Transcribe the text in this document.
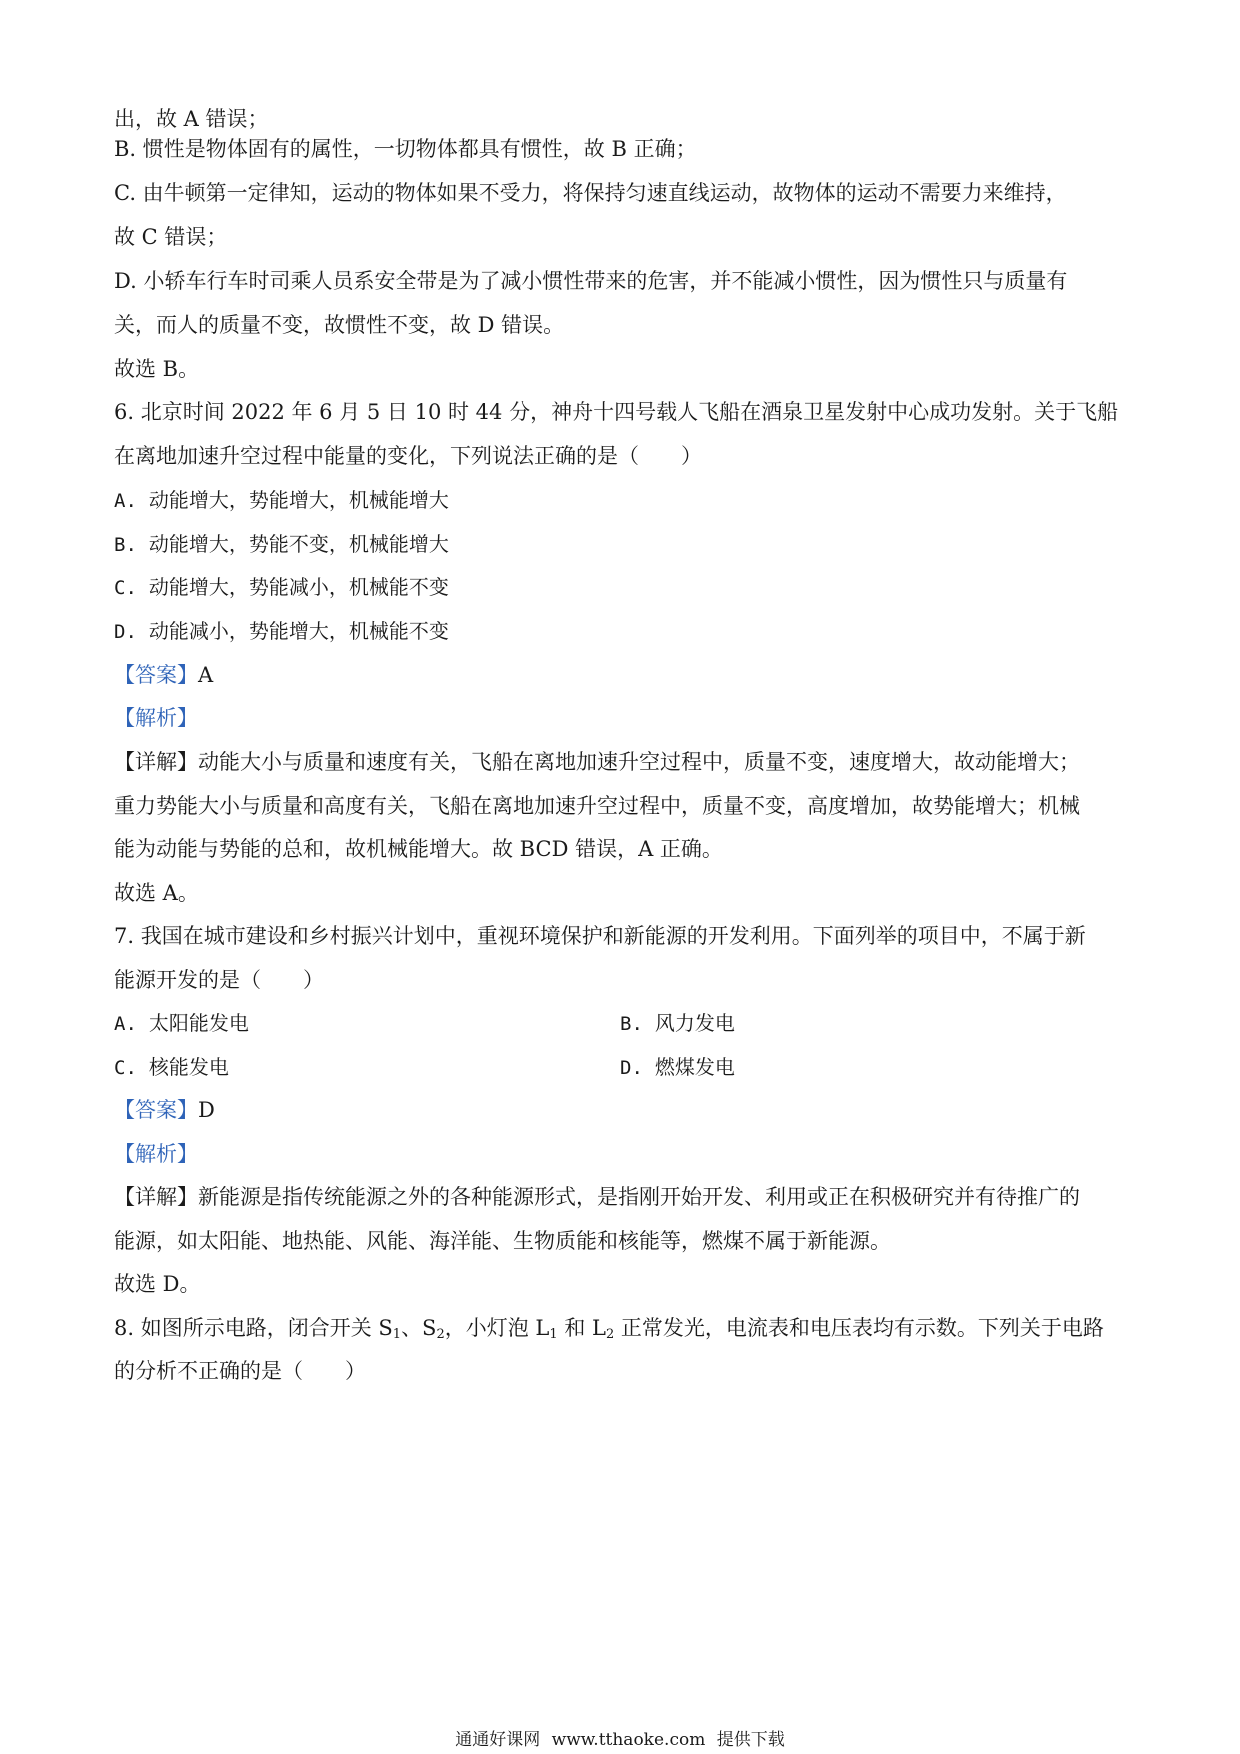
出，故 A 错误；
B. 惯性是物体固有的属性，一切物体都具有惯性，故 B 正确；
C. 由牛顿第一定律知，运动的物体如果不受力，将保持匀速直线运动，故物体的运动不需要力来维持，
故 C 错误；
D. 小轿车行车时司乘人员系安全带是为了减小惯性带来的危害，并不能减小惯性，因为惯性只与质量有
关，而人的质量不变，故惯性不变，故 D 错误。
故选 B。
6. 北京时间 2022 年 6 月 5 日 10 时 44 分，神舟十四号载人飞船在酒泉卫星发射中心成功发射。关于飞船
在离地加速升空过程中能量的变化，下列说法正确的是（　　）
A. 动能增大，势能增大，机械能增大
B. 动能增大，势能不变，机械能增大
C. 动能增大，势能减小，机械能不变
D. 动能减小，势能增大，机械能不变
【答案】A
【解析】
【详解】动能大小与质量和速度有关，飞船在离地加速升空过程中，质量不变，速度增大，故动能增大；
重力势能大小与质量和高度有关，飞船在离地加速升空过程中，质量不变，高度增加，故势能增大；机械
能为动能与势能的总和，故机械能增大。故 BCD 错误，A 正确。
故选 A。
7. 我国在城市建设和乡村振兴计划中，重视环境保护和新能源的开发利用。下面列举的项目中，不属于新
能源开发的是（　　）
A. 太阳能发电	B. 风力发电
C. 核能发电	D. 燃煤发电
【答案】D
【解析】
【详解】新能源是指传统能源之外的各种能源形式，是指刚开始开发、利用或正在积极研究并有待推广的
能源，如太阳能、地热能、风能、海洋能、生物质能和核能等，燃煤不属于新能源。
故选 D。
8. 如图所示电路，闭合开关 $S_1$、$S_2$，小灯泡 $L_1$ 和 $L_2$ 正常发光，电流表和电压表均有示数。下列关于电路
的分析不正确的是（　　）
通通好课网 www.tthaoke.com 提供下载
